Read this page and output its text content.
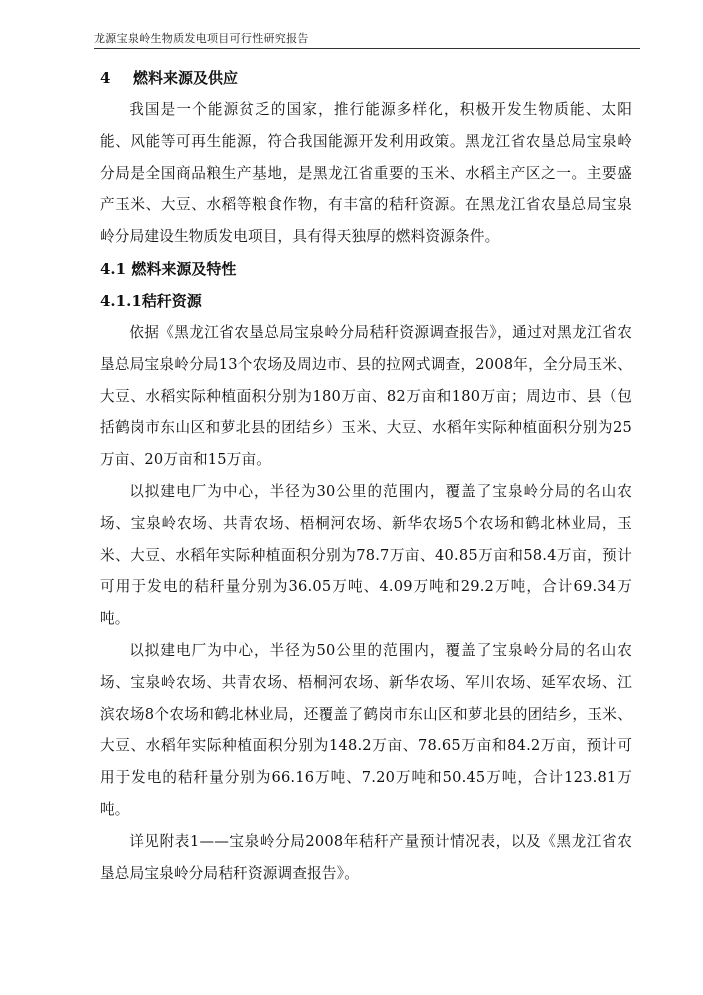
龙源宝泉岭生物质发电项目可行性研究报告
4 燃料来源及供应

我国是一个能源贫乏的国家，推行能源多样化，积极开发生物质能、太阳能、风能等可再生能源，符合我国能源开发利用政策。黑龙江省农垦总局宝泉岭分局是全国商品粮生产基地，是黑龙江省重要的玉米、水稻主产区之一。主要盛产玉米、大豆、水稻等粮食作物，有丰富的秸秆资源。在黑龙江省农垦总局宝泉岭分局建设生物质发电项目，具有得天独厚的燃料资源条件。

4.1 燃料来源及特性
4.1.1秸秆资源

依据《黑龙江省农垦总局宝泉岭分局秸秆资源调查报告》，通过对黑龙江省农垦总局宝泉岭分局13个农场及周边市、县的拉网式调查，2008年，全分局玉米、大豆、水稻实际种植面积分别为180万亩、82万亩和180万亩；周边市、县（包括鹤岗市东山区和萝北县的团结乡）玉米、大豆、水稻年实际种植面积分别为25万亩、20万亩和15万亩。

以拟建电厂为中心，半径为30公里的范围内，覆盖了宝泉岭分局的名山农场、宝泉岭农场、共青农场、梧桐河农场、新华农场5个农场和鹤北林业局，玉米、大豆、水稻年实际种植面积分别为78.7万亩、40.85万亩和58.4万亩，预计可用于发电的秸秆量分别为36.05万吨、4.09万吨和29.2万吨，合计69.34万吨。

以拟建电厂为中心，半径为50公里的范围内，覆盖了宝泉岭分局的名山农场、宝泉岭农场、共青农场、梧桐河农场、新华农场、军川农场、延军农场、江滨农场8个农场和鹤北林业局，还覆盖了鹤岗市东山区和萝北县的团结乡，玉米、大豆、水稻年实际种植面积分别为148.2万亩、78.65万亩和84.2万亩，预计可用于发电的秸秆量分别为66.16万吨、7.20万吨和50.45万吨，合计123.81万吨。

详见附表1——宝泉岭分局2008年秸秆产量预计情况表，以及《黑龙江省农垦总局宝泉岭分局秸秆资源调查报告》。
